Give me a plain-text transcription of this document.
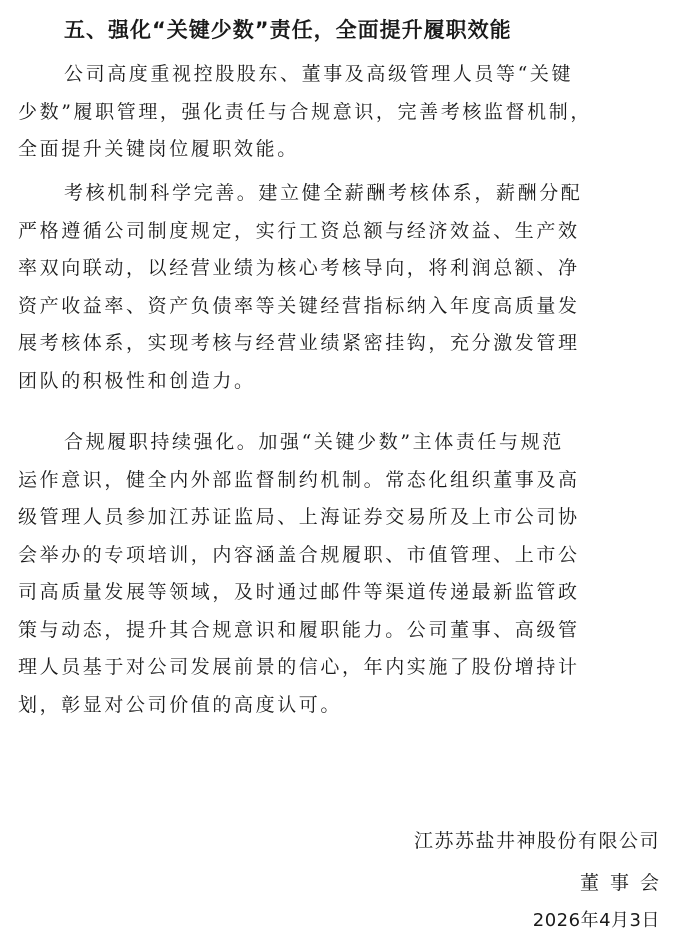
五、强化“关键少数”责任，全面提升履职效能

公司高度重视控股股东、董事及高级管理人员等“关键
少数”履职管理，强化责任与合规意识，完善考核监督机制，
全面提升关键岗位履职效能。

考核机制科学完善。建立健全薪酬考核体系，薪酬分配
严格遵循公司制度规定，实行工资总额与经济效益、生产效
率双向联动，以经营业绩为核心考核导向，将利润总额、净
资产收益率、资产负债率等关键经营指标纳入年度高质量发
展考核体系，实现考核与经营业绩紧密挂钩，充分激发管理
团队的积极性和创造力。

合规履职持续强化。加强“关键少数”主体责任与规范
运作意识，健全内外部监督制约机制。常态化组织董事及高
级管理人员参加江苏证监局、上海证券交易所及上市公司协
会举办的专项培训，内容涵盖合规履职、市值管理、上市公
司高质量发展等领域，及时通过邮件等渠道传递最新监管政
策与动态，提升其合规意识和履职能力。公司董事、高级管
理人员基于对公司发展前景的信心，年内实施了股份增持计
划，彰显对公司价值的高度认可。

江苏苏盐井神股份有限公司
董事会
2026年4月3日
